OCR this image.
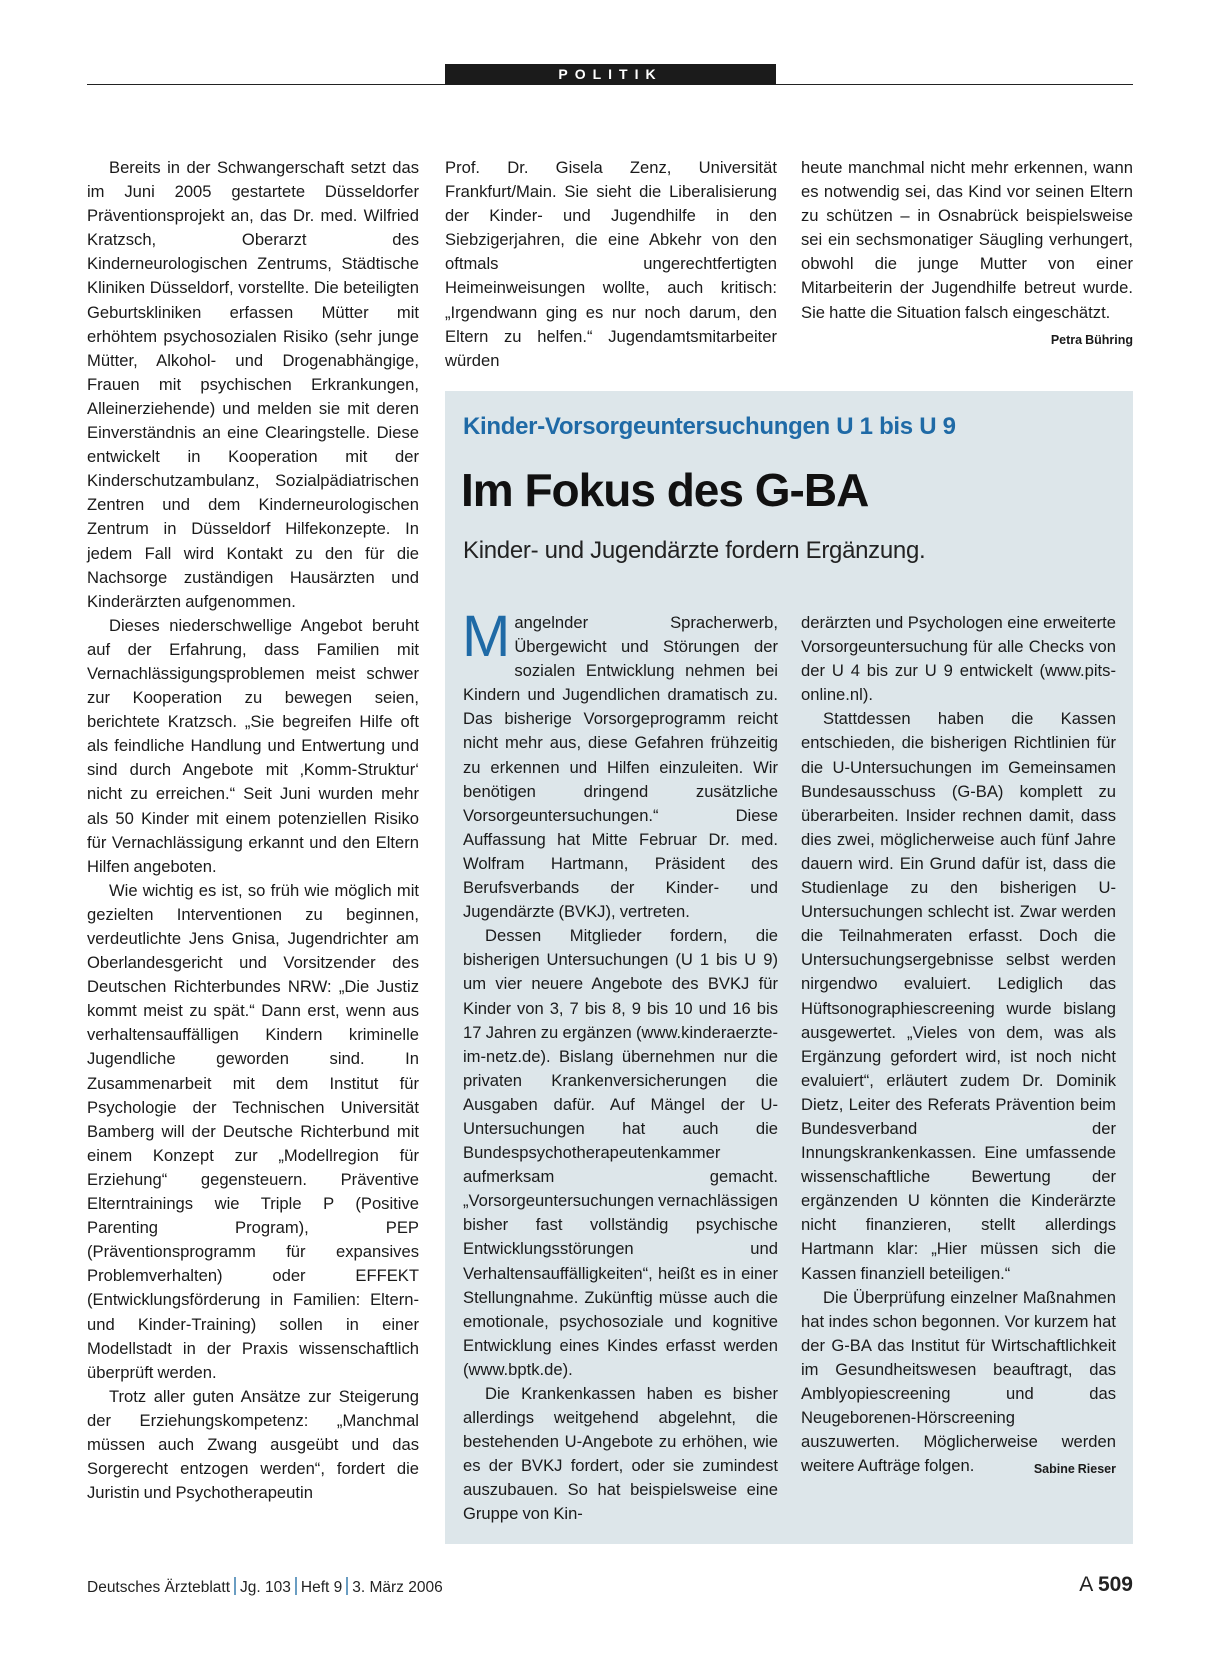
POLITIK

Bereits in der Schwangerschaft setzt das im Juni 2005 gestartete Düsseldorfer Präventionsprojekt an, das Dr. med. Wilfried Kratzsch, Oberarzt des Kinderneurologischen Zentrums, Städtische Kliniken Düsseldorf, vorstellte. Die beteiligten Geburtskliniken erfassen Mütter mit erhöhtem psychosozialen Risiko (sehr junge Mütter, Alkohol- und Drogenabhängige, Frauen mit psychischen Erkrankungen, Alleinerziehende) und melden sie mit deren Einverständnis an eine Clearingstelle. Diese entwickelt in Kooperation mit der Kinderschutzambulanz, Sozialpädiatrischen Zentren und dem Kinderneurologischen Zentrum in Düsseldorf Hilfekonzepte. In jedem Fall wird Kontakt zu den für die Nachsorge zuständigen Hausärzten und Kinderärzten aufgenommen.

Dieses niederschwellige Angebot beruht auf der Erfahrung, dass Familien mit Vernachlässigungsproblemen meist schwer zur Kooperation zu bewegen seien, berichtete Kratzsch. „Sie begreifen Hilfe oft als feindliche Handlung und Entwertung und sind durch Angebote mit ‚Komm-Struktur‘ nicht zu erreichen.“ Seit Juni wurden mehr als 50 Kinder mit einem potenziellen Risiko für Vernachlässigung erkannt und den Eltern Hilfen angeboten.

Wie wichtig es ist, so früh wie möglich mit gezielten Interventionen zu beginnen, verdeutlichte Jens Gnisa, Jugendrichter am Oberlandesgericht und Vorsitzender des Deutschen Richterbundes NRW: „Die Justiz kommt meist zu spät.“ Dann erst, wenn aus verhaltensauffälligen Kindern kriminelle Jugendliche geworden sind. In Zusammenarbeit mit dem Institut für Psychologie der Technischen Universität Bamberg will der Deutsche Richterbund mit einem Konzept zur „Modellregion für Erziehung“ gegensteuern. Präventive Elterntrainings wie Triple P (Positive Parenting Program), PEP (Präventionsprogramm für expansives Problemverhalten) oder EFFEKT (Entwicklungsförderung in Familien: Eltern- und Kinder-Training) sollen in einer Modellstadt in der Praxis wissenschaftlich überprüft werden.

Trotz aller guten Ansätze zur Steigerung der Erziehungskompetenz: „Manchmal müssen auch Zwang ausgeübt und das Sorgerecht entzogen werden“, fordert die Juristin und Psychotherapeutin

Prof. Dr. Gisela Zenz, Universität Frankfurt/Main. Sie sieht die Liberalisierung der Kinder- und Jugendhilfe in den Siebzigerjahren, die eine Abkehr von den oftmals ungerechtfertigten Heimeinweisungen wollte, auch kritisch: „Irgendwann ging es nur noch darum, den Eltern zu helfen.“ Jugendamtsmitarbeiter würden

heute manchmal nicht mehr erkennen, wann es notwendig sei, das Kind vor seinen Eltern zu schützen – in Osnabrück beispielsweise sei ein sechsmonatiger Säugling verhungert, obwohl die junge Mutter von einer Mitarbeiterin der Jugendhilfe betreut wurde. Sie hatte die Situation falsch eingeschätzt.
Petra Bühring

Kinder-Vorsorgeuntersuchungen U 1 bis U 9
Im Fokus des G-BA
Kinder- und Jugendärzte fordern Ergänzung.

Mangelnder Spracherwerb, Übergewicht und Störungen der sozialen Entwicklung nehmen bei Kindern und Jugendlichen dramatisch zu. Das bisherige Vorsorgeprogramm reicht nicht mehr aus, diese Gefahren frühzeitig zu erkennen und Hilfen einzuleiten. Wir benötigen dringend zusätzliche Vorsorgeuntersuchungen.“ Diese Auffassung hat Mitte Februar Dr. med. Wolfram Hartmann, Präsident des Berufsverbands der Kinder- und Jugendärzte (BVKJ), vertreten.

Dessen Mitglieder fordern, die bisherigen Untersuchungen (U 1 bis U 9) um vier neuere Angebote des BVKJ für Kinder von 3, 7 bis 8, 9 bis 10 und 16 bis 17 Jahren zu ergänzen (www.kinderaerzte-im-netz.de). Bislang übernehmen nur die privaten Krankenversicherungen die Ausgaben dafür. Auf Mängel der U-Untersuchungen hat auch die Bundespsychotherapeutenkammer aufmerksam gemacht. „Vorsorgeuntersuchungen vernachlässigen bisher fast vollständig psychische Entwicklungsstörungen und Verhaltensauffälligkeiten“, heißt es in einer Stellungnahme. Zukünftig müsse auch die emotionale, psychosoziale und kognitive Entwicklung eines Kindes erfasst werden (www.bptk.de).

Die Krankenkassen haben es bisher allerdings weitgehend abgelehnt, die bestehenden U-Angebote zu erhöhen, wie es der BVKJ fordert, oder sie zumindest auszubauen. So hat beispielsweise eine Gruppe von Kin-

derärzten und Psychologen eine erweiterte Vorsorgeuntersuchung für alle Checks von der U 4 bis zur U 9 entwickelt (www.pits-online.nl).

Stattdessen haben die Kassen entschieden, die bisherigen Richtlinien für die U-Untersuchungen im Gemeinsamen Bundesausschuss (G-BA) komplett zu überarbeiten. Insider rechnen damit, dass dies zwei, möglicherweise auch fünf Jahre dauern wird. Ein Grund dafür ist, dass die Studienlage zu den bisherigen U-Untersuchungen schlecht ist. Zwar werden die Teilnahmeraten erfasst. Doch die Untersuchungsergebnisse selbst werden nirgendwo evaluiert. Lediglich das Hüftsonographiescreening wurde bislang ausgewertet. „Vieles von dem, was als Ergänzung gefordert wird, ist noch nicht evaluiert“, erläutert zudem Dr. Dominik Dietz, Leiter des Referats Prävention beim Bundesverband der Innungskrankenkassen. Eine umfassende wissenschaftliche Bewertung der ergänzenden U könnten die Kinderärzte nicht finanzieren, stellt allerdings Hartmann klar: „Hier müssen sich die Kassen finanziell beteiligen.“

Die Überprüfung einzelner Maßnahmen hat indes schon begonnen. Vor kurzem hat der G-BA das Institut für Wirtschaftlichkeit im Gesundheitswesen beauftragt, das Amblyopiescreening und das Neugeborenen-Hörscreening auszuwerten. Möglicherweise werden weitere Aufträge folgen.	Sabine Rieser

Deutsches Ärzteblatt Jg. 103 Heft 9 3. März 2006	A 509
